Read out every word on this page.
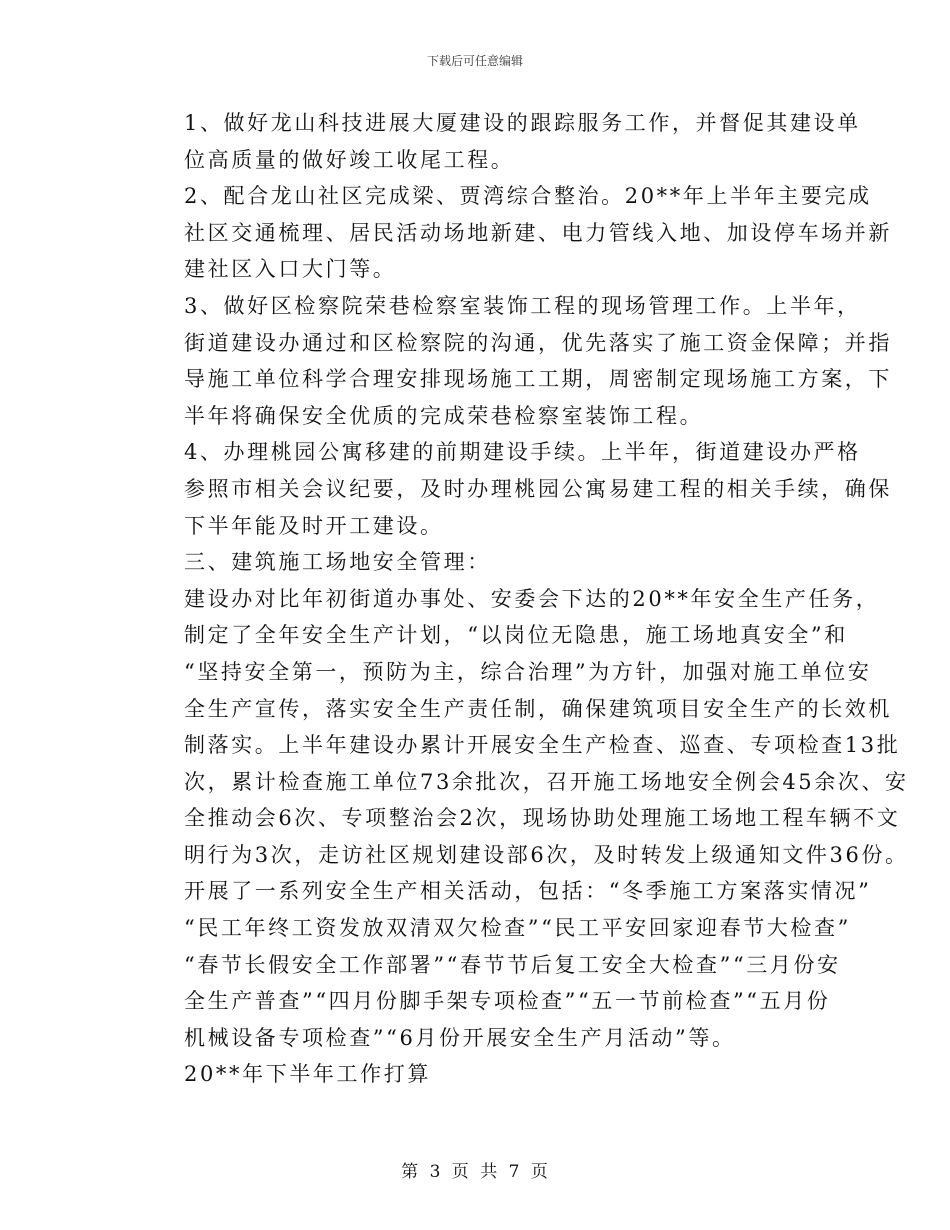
下载后可任意编辑

1、做好龙山科技进展大厦建设的跟踪服务工作，并督促其建设单
位高质量的做好竣工收尾工程。

2、配合龙山社区完成梁、贾湾综合整治。20**年上半年主要完成
社区交通梳理、居民活动场地新建、电力管线入地、加设停车场并新
建社区入口大门等。

3、做好区检察院荣巷检察室装饰工程的现场管理工作。上半年，
街道建设办通过和区检察院的沟通，优先落实了施工资金保障；并指
导施工单位科学合理安排现场施工工期，周密制定现场施工方案，下
半年将确保安全优质的完成荣巷检察室装饰工程。

4、办理桃园公寓移建的前期建设手续。上半年，街道建设办严格
参照市相关会议纪要，及时办理桃园公寓易建工程的相关手续，确保
下半年能及时开工建设。

三、建筑施工场地安全管理：

建设办对比年初街道办事处、安委会下达的20**年安全生产任务，
制定了全年安全生产计划，“以岗位无隐患，施工场地真安全”和
“坚持安全第一，预防为主，综合治理”为方针，加强对施工单位安
全生产宣传，落实安全生产责任制，确保建筑项目安全生产的长效机
制落实。上半年建设办累计开展安全生产检查、巡查、专项检查13批
次，累计检查施工单位73余批次，召开施工场地安全例会45余次、安
全推动会6次、专项整治会2次，现场协助处理施工场地工程车辆不文
明行为3次，走访社区规划建设部6次，及时转发上级通知文件36份。
开展了一系列安全生产相关活动，包括：“冬季施工方案落实情况”
“民工年终工资发放双清双欠检查”“民工平安回家迎春节大检查”
“春节长假安全工作部署”“春节节后复工安全大检查”“三月份安
全生产普查”“四月份脚手架专项检查”“五一节前检查”“五月份
机械设备专项检查”“6月份开展安全生产月活动”等。

20**年下半年工作打算

第 3 页 共 7 页
